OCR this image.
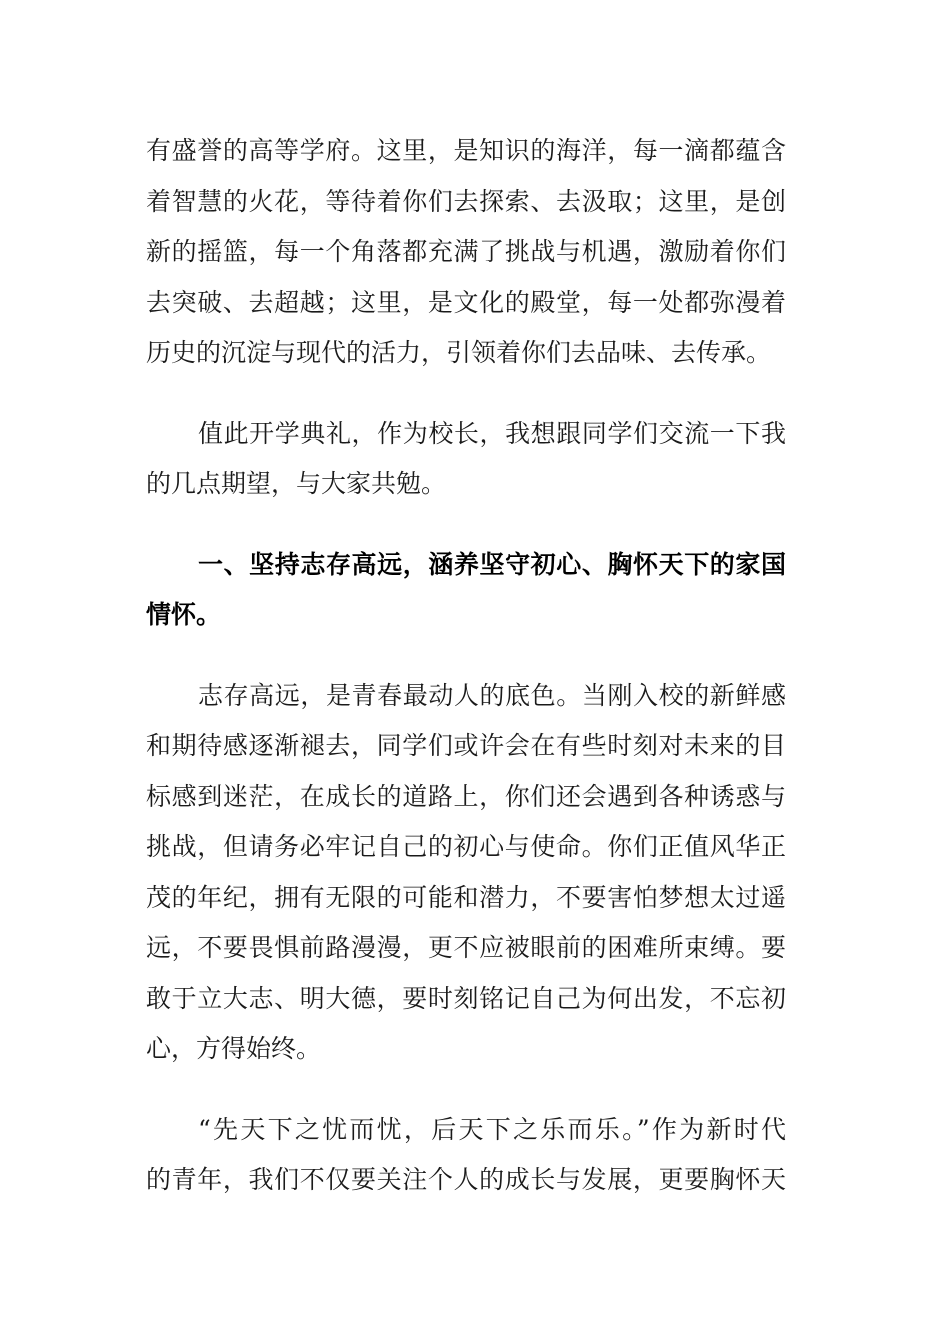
有盛誉的高等学府。这里，是知识的海洋，每一滴都蕴含
着智慧的火花，等待着你们去探索、去汲取；这里，是创
新的摇篮，每一个角落都充满了挑战与机遇，激励着你们
去突破、去超越；这里，是文化的殿堂，每一处都弥漫着
历史的沉淀与现代的活力，引领着你们去品味、去传承。
值此开学典礼，作为校长，我想跟同学们交流一下我
的几点期望，与大家共勉。
一、坚持志存高远，涵养坚守初心、胸怀天下的家国
情怀。
志存高远，是青春最动人的底色。当刚入校的新鲜感
和期待感逐渐褪去，同学们或许会在有些时刻对未来的目
标感到迷茫，在成长的道路上，你们还会遇到各种诱惑与
挑战，但请务必牢记自己的初心与使命。你们正值风华正
茂的年纪，拥有无限的可能和潜力，不要害怕梦想太过遥
远，不要畏惧前路漫漫，更不应被眼前的困难所束缚。要
敢于立大志、明大德，要时刻铭记自己为何出发，不忘初
心，方得始终。
“先天下之忧而忧，后天下之乐而乐。”作为新时代
的青年，我们不仅要关注个人的成长与发展，更要胸怀天
